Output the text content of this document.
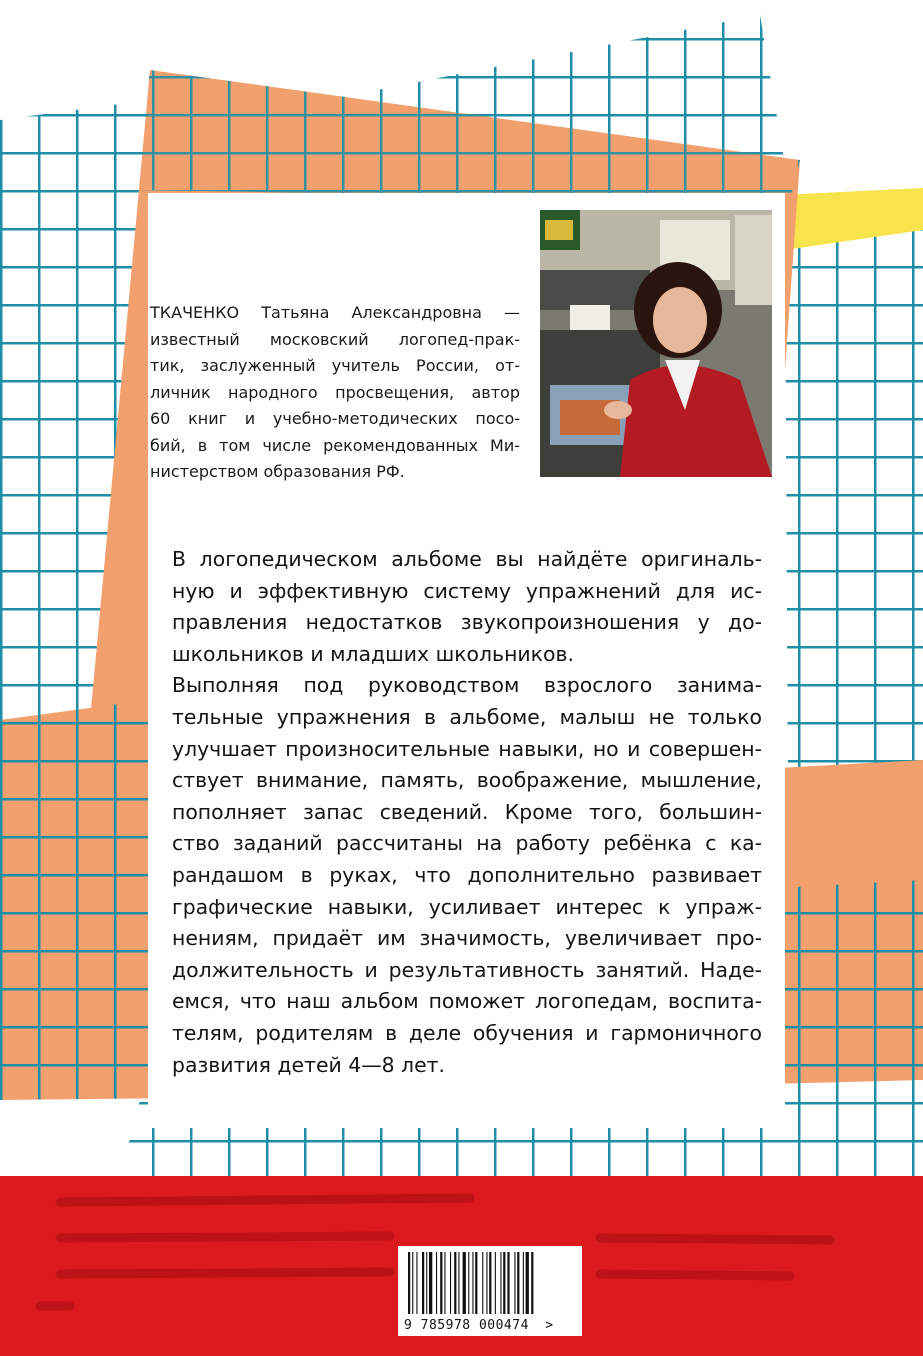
ТКАЧЕНКО Татьяна Александровна —
известный московский логопед-прак-
тик, заслуженный учитель России, от-
личник народного просвещения, автор
60 книг и учебно-методических посо-
бий, в том числе рекомендованных Ми-
нистерством образования РФ.
В логопедическом альбоме вы найдёте оригиналь-
ную и эффективную систему упражнений для ис-
правления недостатков звукопроизношения у до-
школьников и младших школьников.
Выполняя под руководством взрослого занима-
тельные упражнения в альбоме, малыш не только
улучшает произносительные навыки, но и совершен-
ствует внимание, память, воображение, мышление,
пополняет запас сведений. Кроме того, большин-
ство заданий рассчитаны на работу ребёнка с ка-
рандашом в руках, что дополнительно развивает
графические навыки, усиливает интерес к упраж-
нениям, придаёт им значимость, увеличивает про-
должительность и результативность занятий. Наде-
емся, что наш альбом поможет логопедам, воспита-
телям, родителям в деле обучения и гармоничного
развития детей 4—8 лет.
9 785978 000474 >
